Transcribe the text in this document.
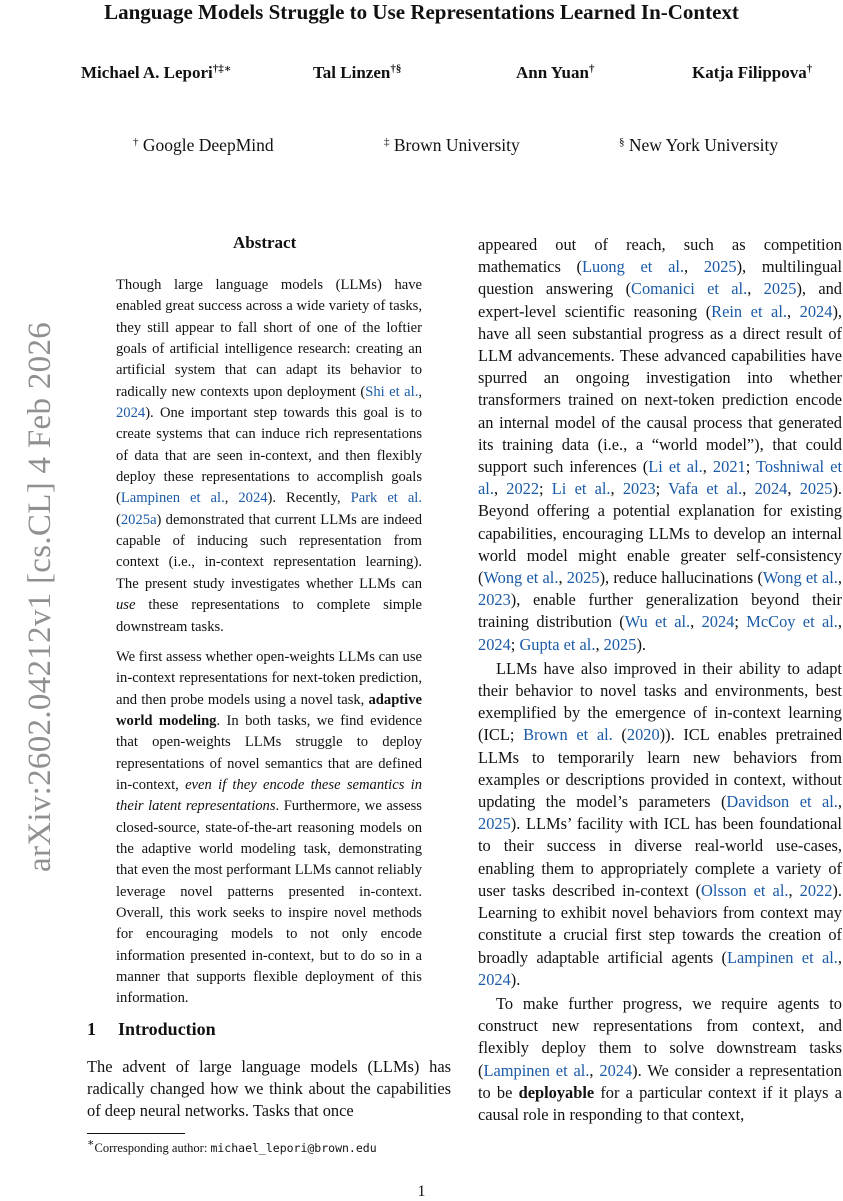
Language Models Struggle to Use Representations Learned In-Context
Michael A. Lepori†‡∗	Tal Linzen†§	Ann Yuan†	Katja Filippova†
† Google DeepMind	‡ Brown University	§ New York University
arXiv:2602.04212v1 [cs.CL] 4 Feb 2026
Abstract

Though large language models (LLMs) have enabled great success across a wide variety of tasks, they still appear to fall short of one of the loftier goals of artificial intelligence research: creating an artificial system that can adapt its behavior to radically new contexts upon deployment (Shi et al., 2024). One important step towards this goal is to create systems that can induce rich representations of data that are seen in-context, and then flexibly deploy these representations to accomplish goals (Lampinen et al., 2024). Recently, Park et al. (2025a) demonstrated that current LLMs are indeed capable of inducing such representation from context (i.e., in-context representation learning). The present study investigates whether LLMs can use these representations to complete simple downstream tasks.

We first assess whether open-weights LLMs can use in-context representations for next-token prediction, and then probe models using a novel task, adaptive world modeling. In both tasks, we find evidence that open-weights LLMs struggle to deploy representations of novel semantics that are defined in-context, even if they encode these semantics in their latent representations. Furthermore, we assess closed-source, state-of-the-art reasoning models on the adaptive world modeling task, demonstrating that even the most performant LLMs cannot reliably leverage novel patterns presented in-context. Overall, this work seeks to inspire novel methods for encouraging models to not only encode information presented in-context, but to do so in a manner that supports flexible deployment of this information.

1 Introduction

The advent of large language models (LLMs) has radically changed how we think about the capabilities of deep neural networks. Tasks that once

appeared out of reach, such as competition mathematics (Luong et al., 2025), multilingual question answering (Comanici et al., 2025), and expert-level scientific reasoning (Rein et al., 2024), have all seen substantial progress as a direct result of LLM advancements. These advanced capabilities have spurred an ongoing investigation into whether transformers trained on next-token prediction encode an internal model of the causal process that generated its training data (i.e., a “world model”), that could support such inferences (Li et al., 2021; Toshniwal et al., 2022; Li et al., 2023; Vafa et al., 2024, 2025). Beyond offering a potential explanation for existing capabilities, encouraging LLMs to develop an internal world model might enable greater self-consistency (Wong et al., 2025), reduce hallucinations (Wong et al., 2023), enable further generalization beyond their training distribution (Wu et al., 2024; McCoy et al., 2024; Gupta et al., 2025).

LLMs have also improved in their ability to adapt their behavior to novel tasks and environments, best exemplified by the emergence of in-context learning (ICL; Brown et al. (2020)). ICL enables pretrained LLMs to temporarily learn new behaviors from examples or descriptions provided in context, without updating the model’s parameters (Davidson et al., 2025). LLMs’ facility with ICL has been foundational to their success in diverse real-world use-cases, enabling them to appropriately complete a variety of user tasks described in-context (Olsson et al., 2022). Learning to exhibit novel behaviors from context may constitute a crucial first step towards the creation of broadly adaptable artificial agents (Lampinen et al., 2024).

To make further progress, we require agents to construct new representations from context, and flexibly deploy them to solve downstream tasks (Lampinen et al., 2024). We consider a representation to be deployable for a particular context if it plays a causal role in responding to that context,

∗Corresponding author: michael_lepori@brown.edu
1
